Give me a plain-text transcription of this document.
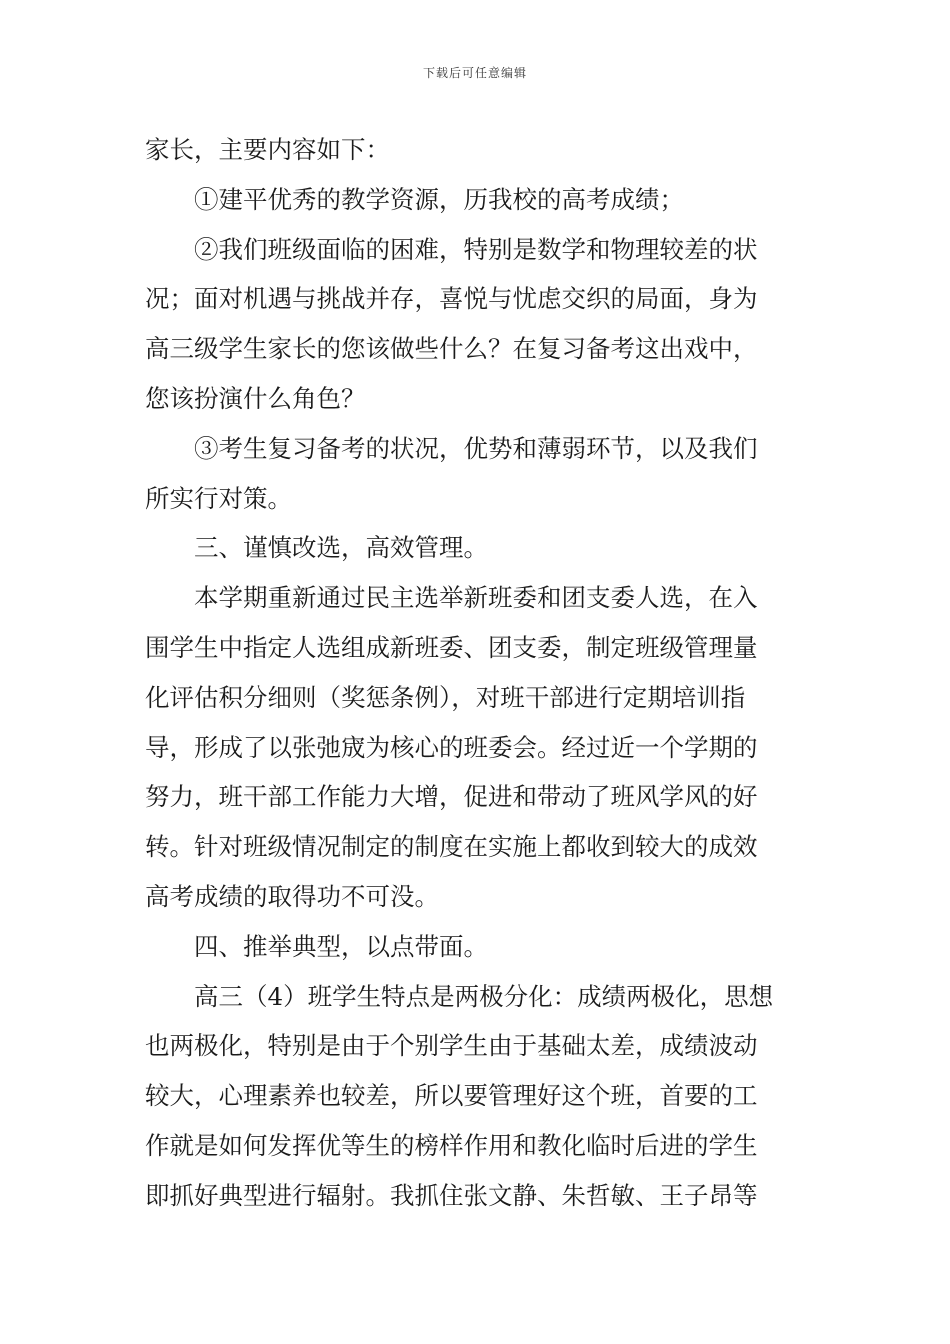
下载后可任意编辑
家长，主要内容如下：
①建平优秀的教学资源，历我校的高考成绩；
②我们班级面临的困难，特别是数学和物理较差的状
况；面对机遇与挑战并存，喜悦与忧虑交织的局面，身为
高三级学生家长的您该做些什么？在复习备考这出戏中，
您该扮演什么角色？
③考生复习备考的状况，优势和薄弱环节，以及我们
所实行对策。
三、谨慎改选，高效管理。
本学期重新通过民主选举新班委和团支委人选，在入
围学生中指定人选组成新班委、团支委，制定班级管理量
化评估积分细则（奖惩条例），对班干部进行定期培训指
导，形成了以张弛宬为核心的班委会。经过近一个学期的
努力，班干部工作能力大增，促进和带动了班风学风的好
转。针对班级情况制定的制度在实施上都收到较大的成效
高考成绩的取得功不可没。
四、推举典型，以点带面。
高三（4）班学生特点是两极分化：成绩两极化，思想
也两极化，特别是由于个别学生由于基础太差，成绩波动
较大，心理素养也较差，所以要管理好这个班，首要的工
作就是如何发挥优等生的榜样作用和教化临时后进的学生
即抓好典型进行辐射。我抓住张文静、朱哲敏、王子昂等
